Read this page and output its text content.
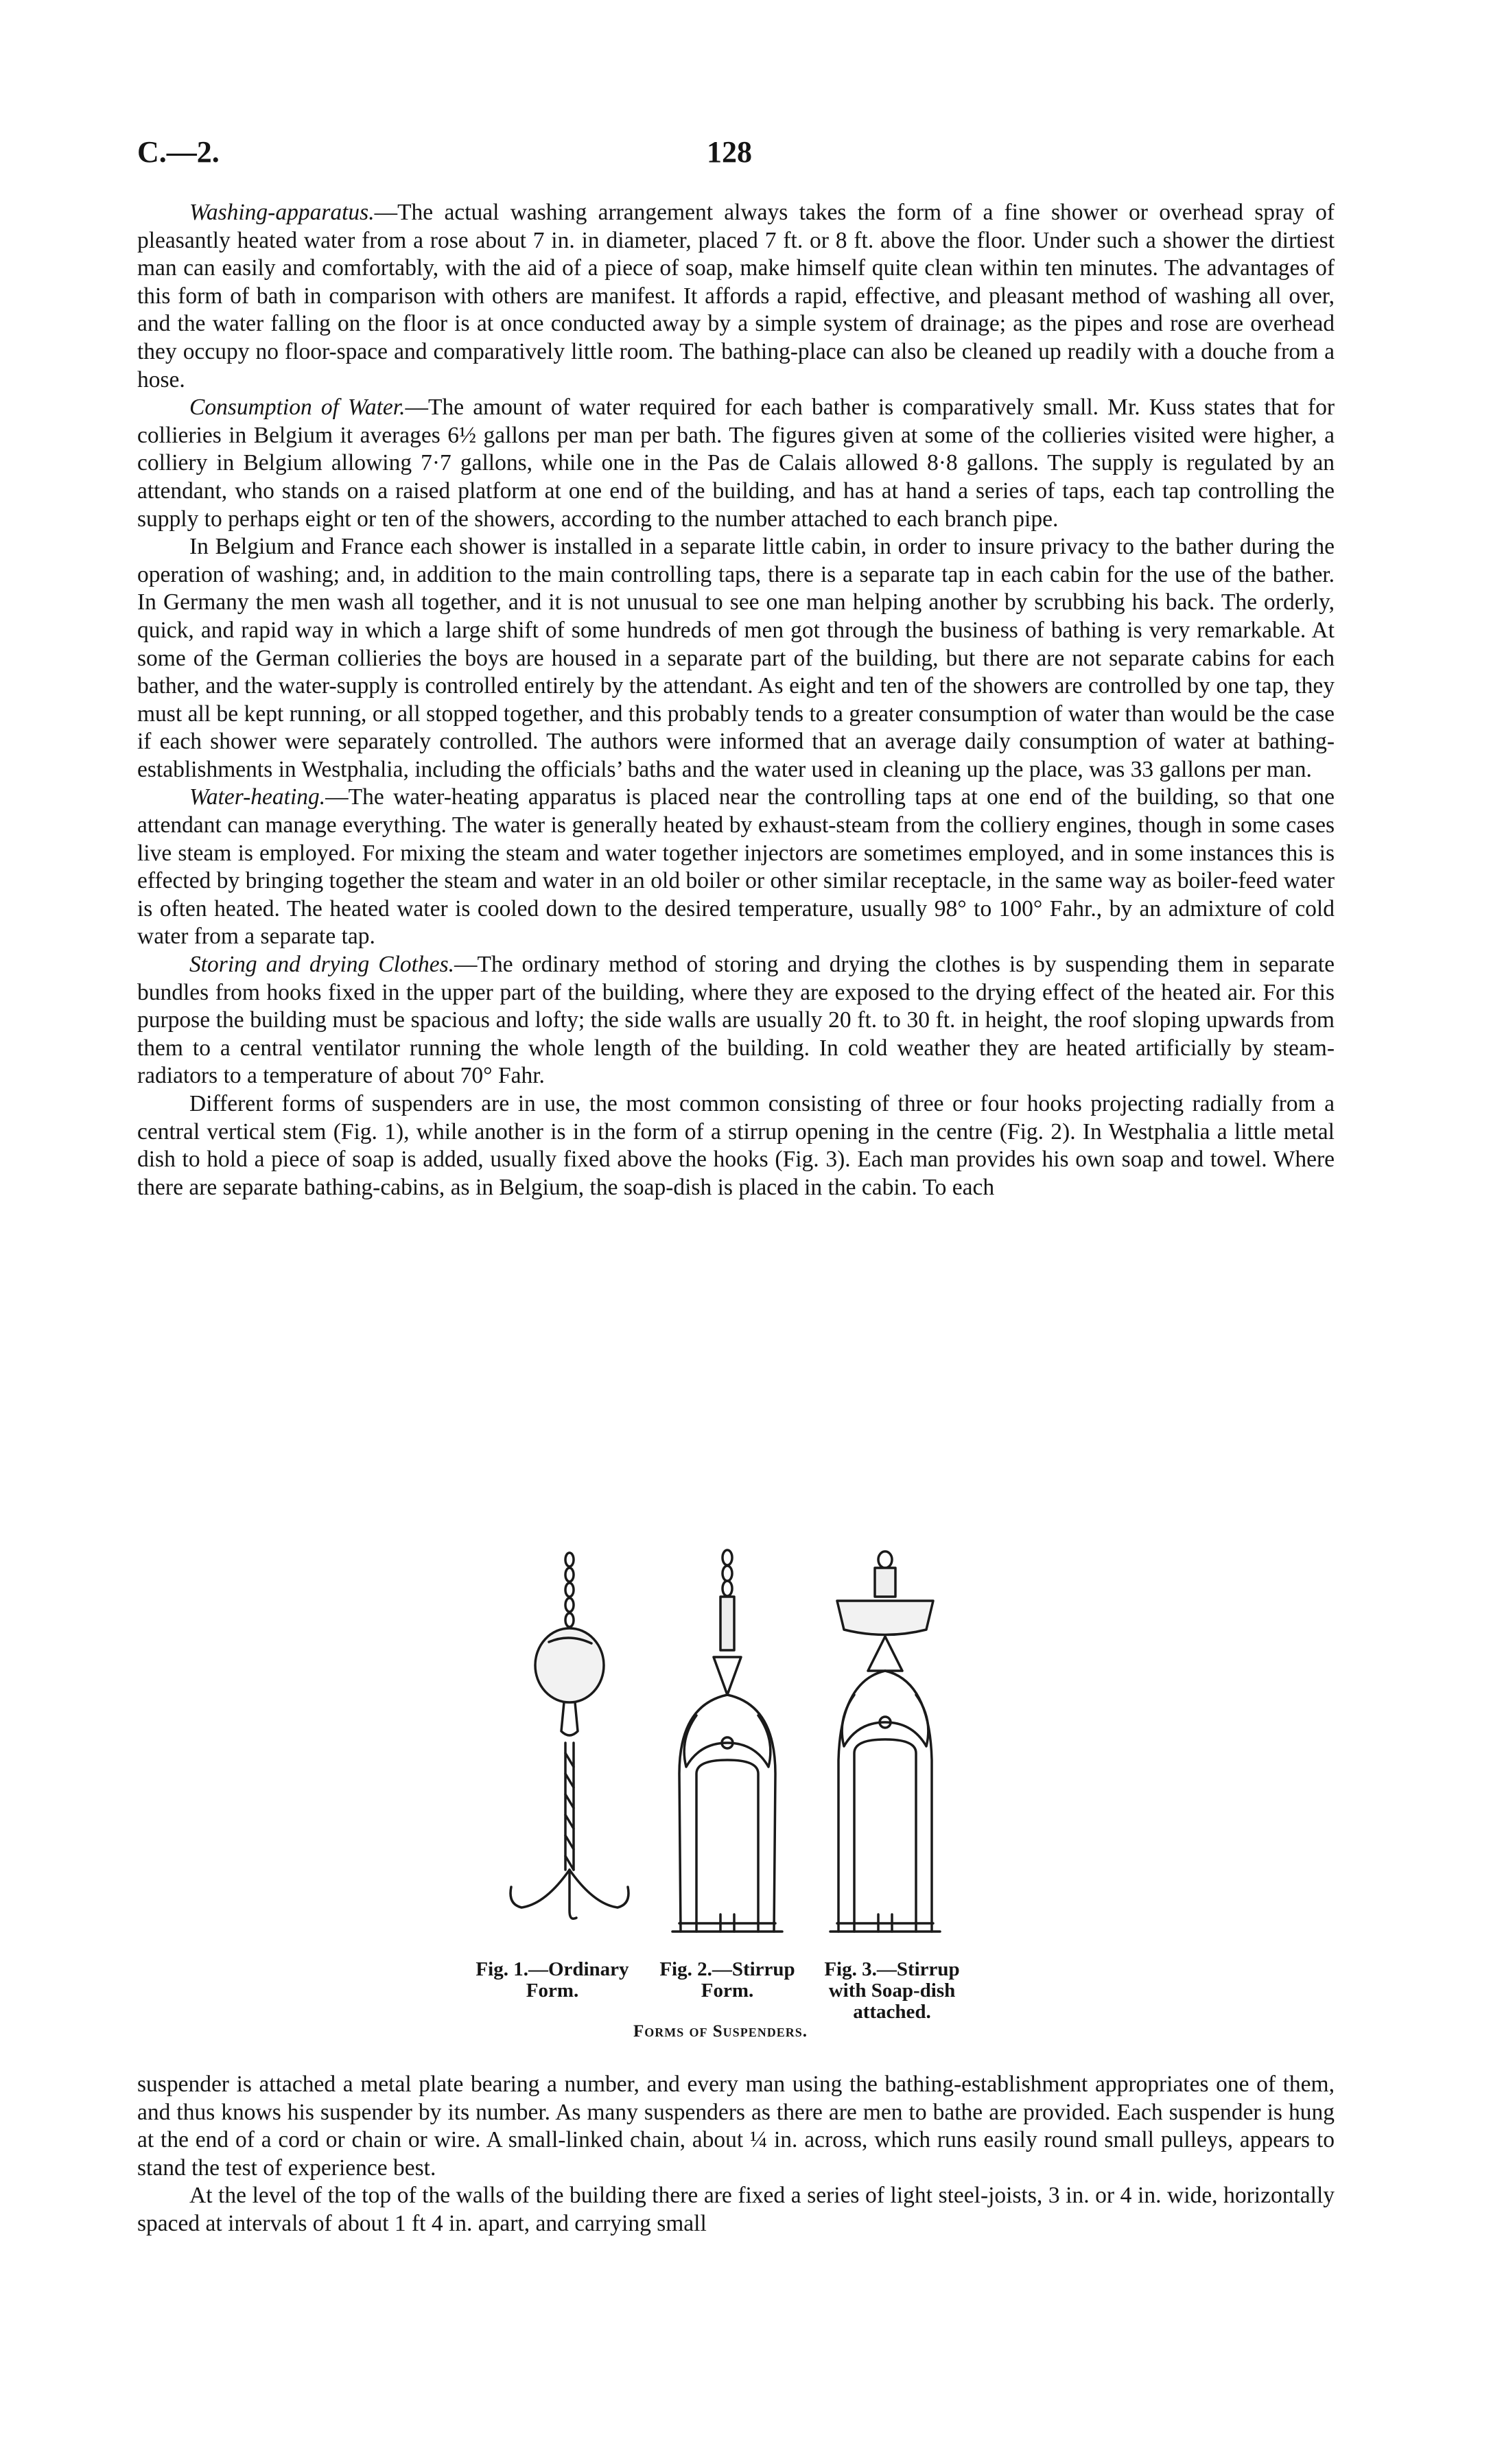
C.—2.	128

Washing-apparatus.—The actual washing arrangement always takes the form of a fine shower or overhead spray of pleasantly heated water from a rose about 7 in. in diameter, placed 7 ft. or 8 ft. above the floor. Under such a shower the dirtiest man can easily and comfortably, with the aid of a piece of soap, make himself quite clean within ten minutes. The advantages of this form of bath in comparison with others are manifest. It affords a rapid, effective, and pleasant method of washing all over, and the water falling on the floor is at once conducted away by a simple system of drainage; as the pipes and rose are overhead they occupy no floor-space and comparatively little room. The bathing-place can also be cleaned up readily with a douche from a hose.

Consumption of Water.—The amount of water required for each bather is comparatively small. Mr. Kuss states that for collieries in Belgium it averages 6½ gallons per man per bath. The figures given at some of the collieries visited were higher, a colliery in Belgium allowing 7·7 gallons, while one in the Pas de Calais allowed 8·8 gallons. The supply is regulated by an attendant, who stands on a raised platform at one end of the building, and has at hand a series of taps, each tap controlling the supply to perhaps eight or ten of the showers, according to the number attached to each branch pipe.

In Belgium and France each shower is installed in a separate little cabin, in order to insure privacy to the bather during the operation of washing; and, in addition to the main controlling taps, there is a separate tap in each cabin for the use of the bather. In Germany the men wash all together, and it is not unusual to see one man helping another by scrubbing his back. The orderly, quick, and rapid way in which a large shift of some hundreds of men got through the business of bathing is very remarkable. At some of the German collieries the boys are housed in a separate part of the building, but there are not separate cabins for each bather, and the water-supply is controlled entirely by the attendant. As eight and ten of the showers are controlled by one tap, they must all be kept running, or all stopped together, and this probably tends to a greater consumption of water than would be the case if each shower were separately controlled. The authors were informed that an average daily consumption of water at bathing-establishments in Westphalia, including the officials’ baths and the water used in cleaning up the place, was 33 gallons per man.

Water-heating.—The water-heating apparatus is placed near the controlling taps at one end of the building, so that one attendant can manage everything. The water is generally heated by exhaust-steam from the colliery engines, though in some cases live steam is employed. For mixing the steam and water together injectors are sometimes employed, and in some instances this is effected by bringing together the steam and water in an old boiler or other similar receptacle, in the same way as boiler-feed water is often heated. The heated water is cooled down to the desired temperature, usually 98° to 100° Fahr., by an admixture of cold water from a separate tap.

Storing and drying Clothes.—The ordinary method of storing and drying the clothes is by suspending them in separate bundles from hooks fixed in the upper part of the building, where they are exposed to the drying effect of the heated air. For this purpose the building must be spacious and lofty; the side walls are usually 20 ft. to 30 ft. in height, the roof sloping upwards from them to a central ventilator running the whole length of the building. In cold weather they are heated artificially by steam-radiators to a temperature of about 70° Fahr.

Different forms of suspenders are in use, the most common consisting of three or four hooks projecting radially from a central vertical stem (Fig. 1), while another is in the form of a stirrup opening in the centre (Fig. 2). In Westphalia a little metal dish to hold a piece of soap is added, usually fixed above the hooks (Fig. 3). Each man provides his own soap and towel. Where there are separate bathing-cabins, as in Belgium, the soap-dish is placed in the cabin. To each

Fig. 1.—Ordinary
Form.
Fig. 2.—Stirrup
Form.
Fig. 3.—Stirrup
with Soap-dish
attached.
Forms of Suspenders.

suspender is attached a metal plate bearing a number, and every man using the bathing-establishment appropriates one of them, and thus knows his suspender by its number. As many suspenders as there are men to bathe are provided. Each suspender is hung at the end of a cord or chain or wire. A small-linked chain, about ¼ in. across, which runs easily round small pulleys, appears to stand the test of experience best.

At the level of the top of the walls of the building there are fixed a series of light steel-joists, 3 in. or 4 in. wide, horizontally spaced at intervals of about 1 ft 4 in. apart, and carrying small
